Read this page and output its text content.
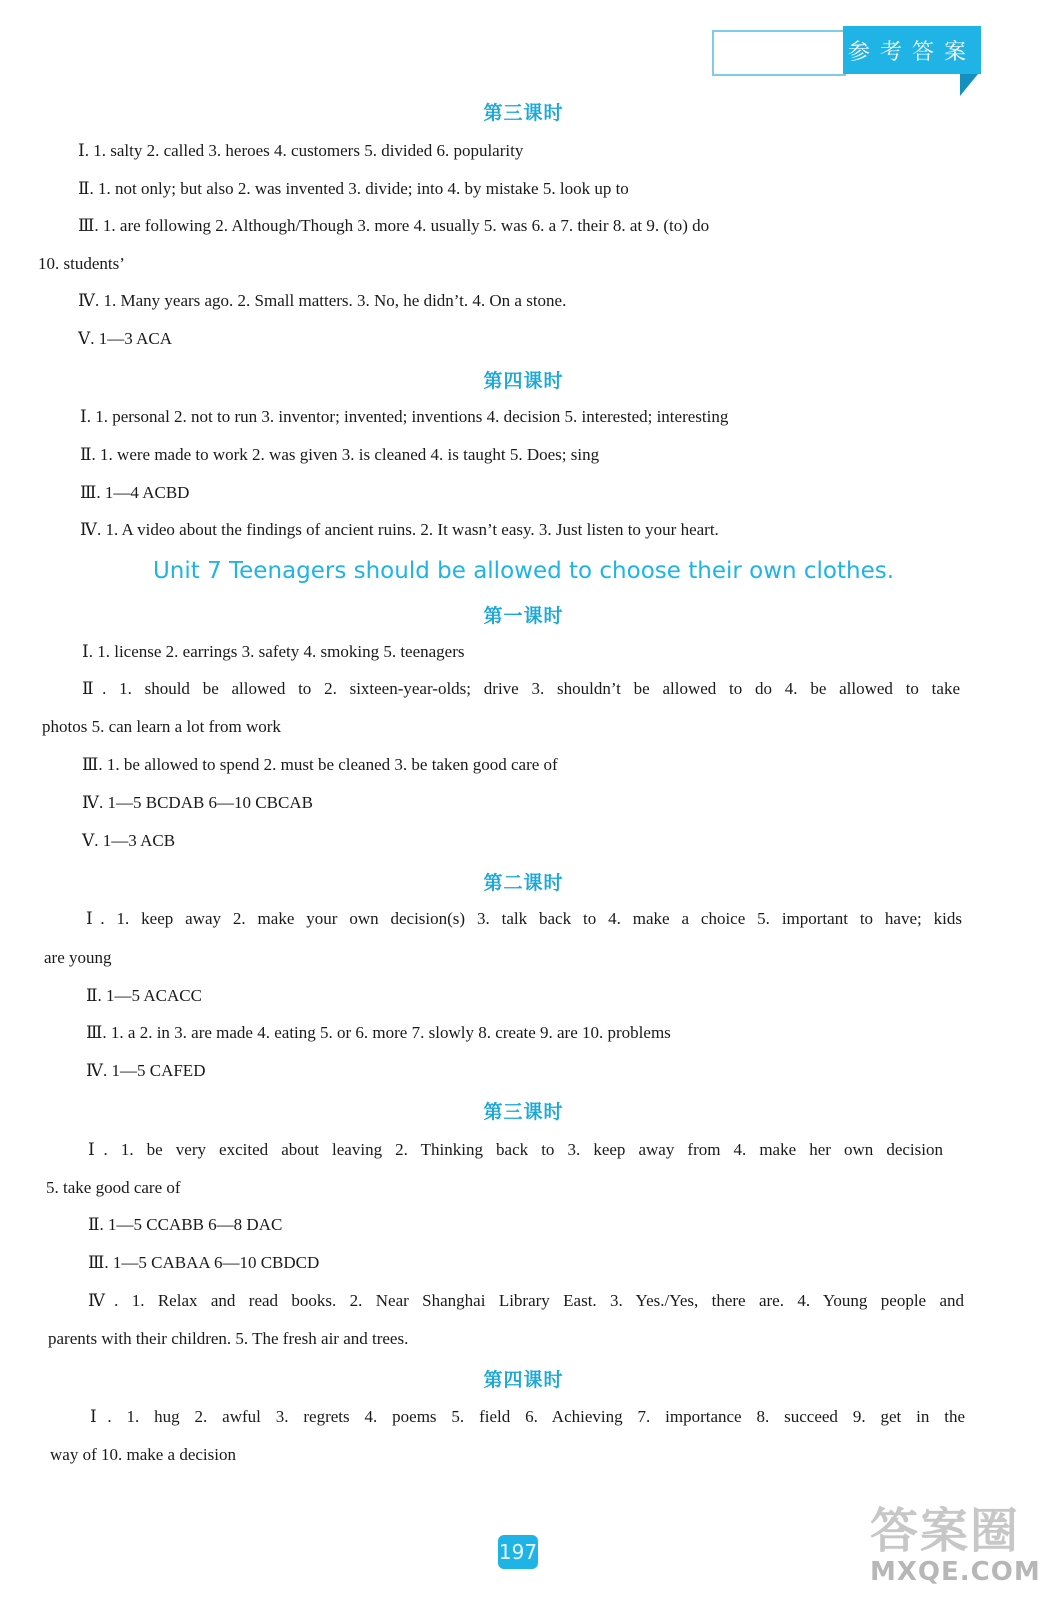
参考答案
第三课时
Ⅰ. 1. salty 2. called 3. heroes 4. customers 5. divided 6. popularity
Ⅱ. 1. not only; but also 2. was invented 3. divide; into 4. by mistake 5. look up to
Ⅲ. 1. are following 2. Although/Though 3. more 4. usually 5. was 6. a 7. their 8. at 9. (to) do
10. students’
Ⅳ. 1. Many years ago. 2. Small matters. 3. No, he didn’t. 4. On a stone.
Ⅴ. 1—3 ACA
第四课时
Ⅰ. 1. personal 2. not to run 3. inventor; invented; inventions 4. decision 5. interested; interesting
Ⅱ. 1. were made to work 2. was given 3. is cleaned 4. is taught 5. Does; sing
Ⅲ. 1—4 ACBD
Ⅳ. 1. A video about the findings of ancient ruins. 2. It wasn’t easy. 3. Just listen to your heart.
Unit 7 Teenagers should be allowed to choose their own clothes.
第一课时
Ⅰ. 1. license 2. earrings 3. safety 4. smoking 5. teenagers
Ⅱ. 1. should be allowed to 2. sixteen-year-olds; drive 3. shouldn’t be allowed to do 4. be allowed to take
photos 5. can learn a lot from work
Ⅲ. 1. be allowed to spend 2. must be cleaned 3. be taken good care of
Ⅳ. 1—5 BCDAB 6—10 CBCAB
Ⅴ. 1—3 ACB
第二课时
Ⅰ. 1. keep away 2. make your own decision(s) 3. talk back to 4. make a choice 5. important to have; kids
are young
Ⅱ. 1—5 ACACC
Ⅲ. 1. a 2. in 3. are made 4. eating 5. or 6. more 7. slowly 8. create 9. are 10. problems
Ⅳ. 1—5 CAFED
第三课时
Ⅰ. 1. be very excited about leaving 2. Thinking back to 3. keep away from 4. make her own decision
5. take good care of
Ⅱ. 1—5 CCABB 6—8 DAC
Ⅲ. 1—5 CABAA 6—10 CBDCD
Ⅳ. 1. Relax and read books. 2. Near Shanghai Library East. 3. Yes./Yes, there are. 4. Young people and
parents with their children. 5. The fresh air and trees.
第四课时
Ⅰ. 1. hug 2. awful 3. regrets 4. poems 5. field 6. Achieving 7. importance 8. succeed 9. get in the
way of 10. make a decision
197	答案圈
MXQE.COM
